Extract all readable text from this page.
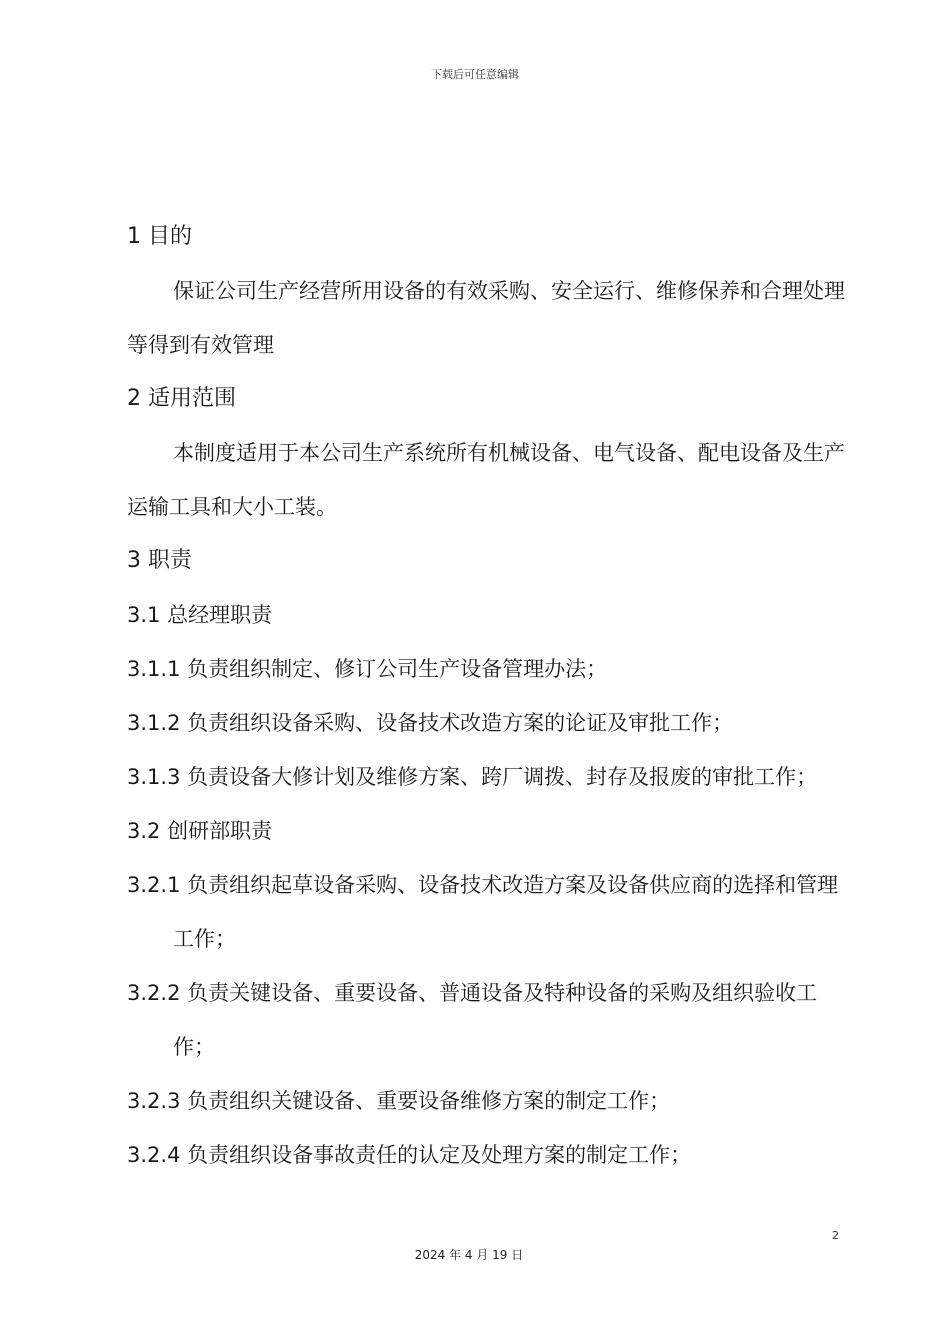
下载后可任意编辑
1 目的

保证公司生产经营所用设备的有效采购、安全运行、维修保养和合理处理等得到有效管理

2 适用范围

本制度适用于本公司生产系统所有机械设备、电气设备、配电设备及生产运输工具和大小工装。

3 职责

3.1 总经理职责

3.1.1 负责组织制定、修订公司生产设备管理办法；

3.1.2 负责组织设备采购、设备技术改造方案的论证及审批工作；

3.1.3 负责设备大修计划及维修方案、跨厂调拨、封存及报废的审批工作；

3.2 创研部职责

3.2.1 负责组织起草设备采购、设备技术改造方案及设备供应商的选择和管理工作；

3.2.2 负责关键设备、重要设备、普通设备及特种设备的采购及组织验收工作；

3.2.3 负责组织关键设备、重要设备维修方案的制定工作；

3.2.4 负责组织设备事故责任的认定及处理方案的制定工作；

2
2024 年 4 月 19 日
